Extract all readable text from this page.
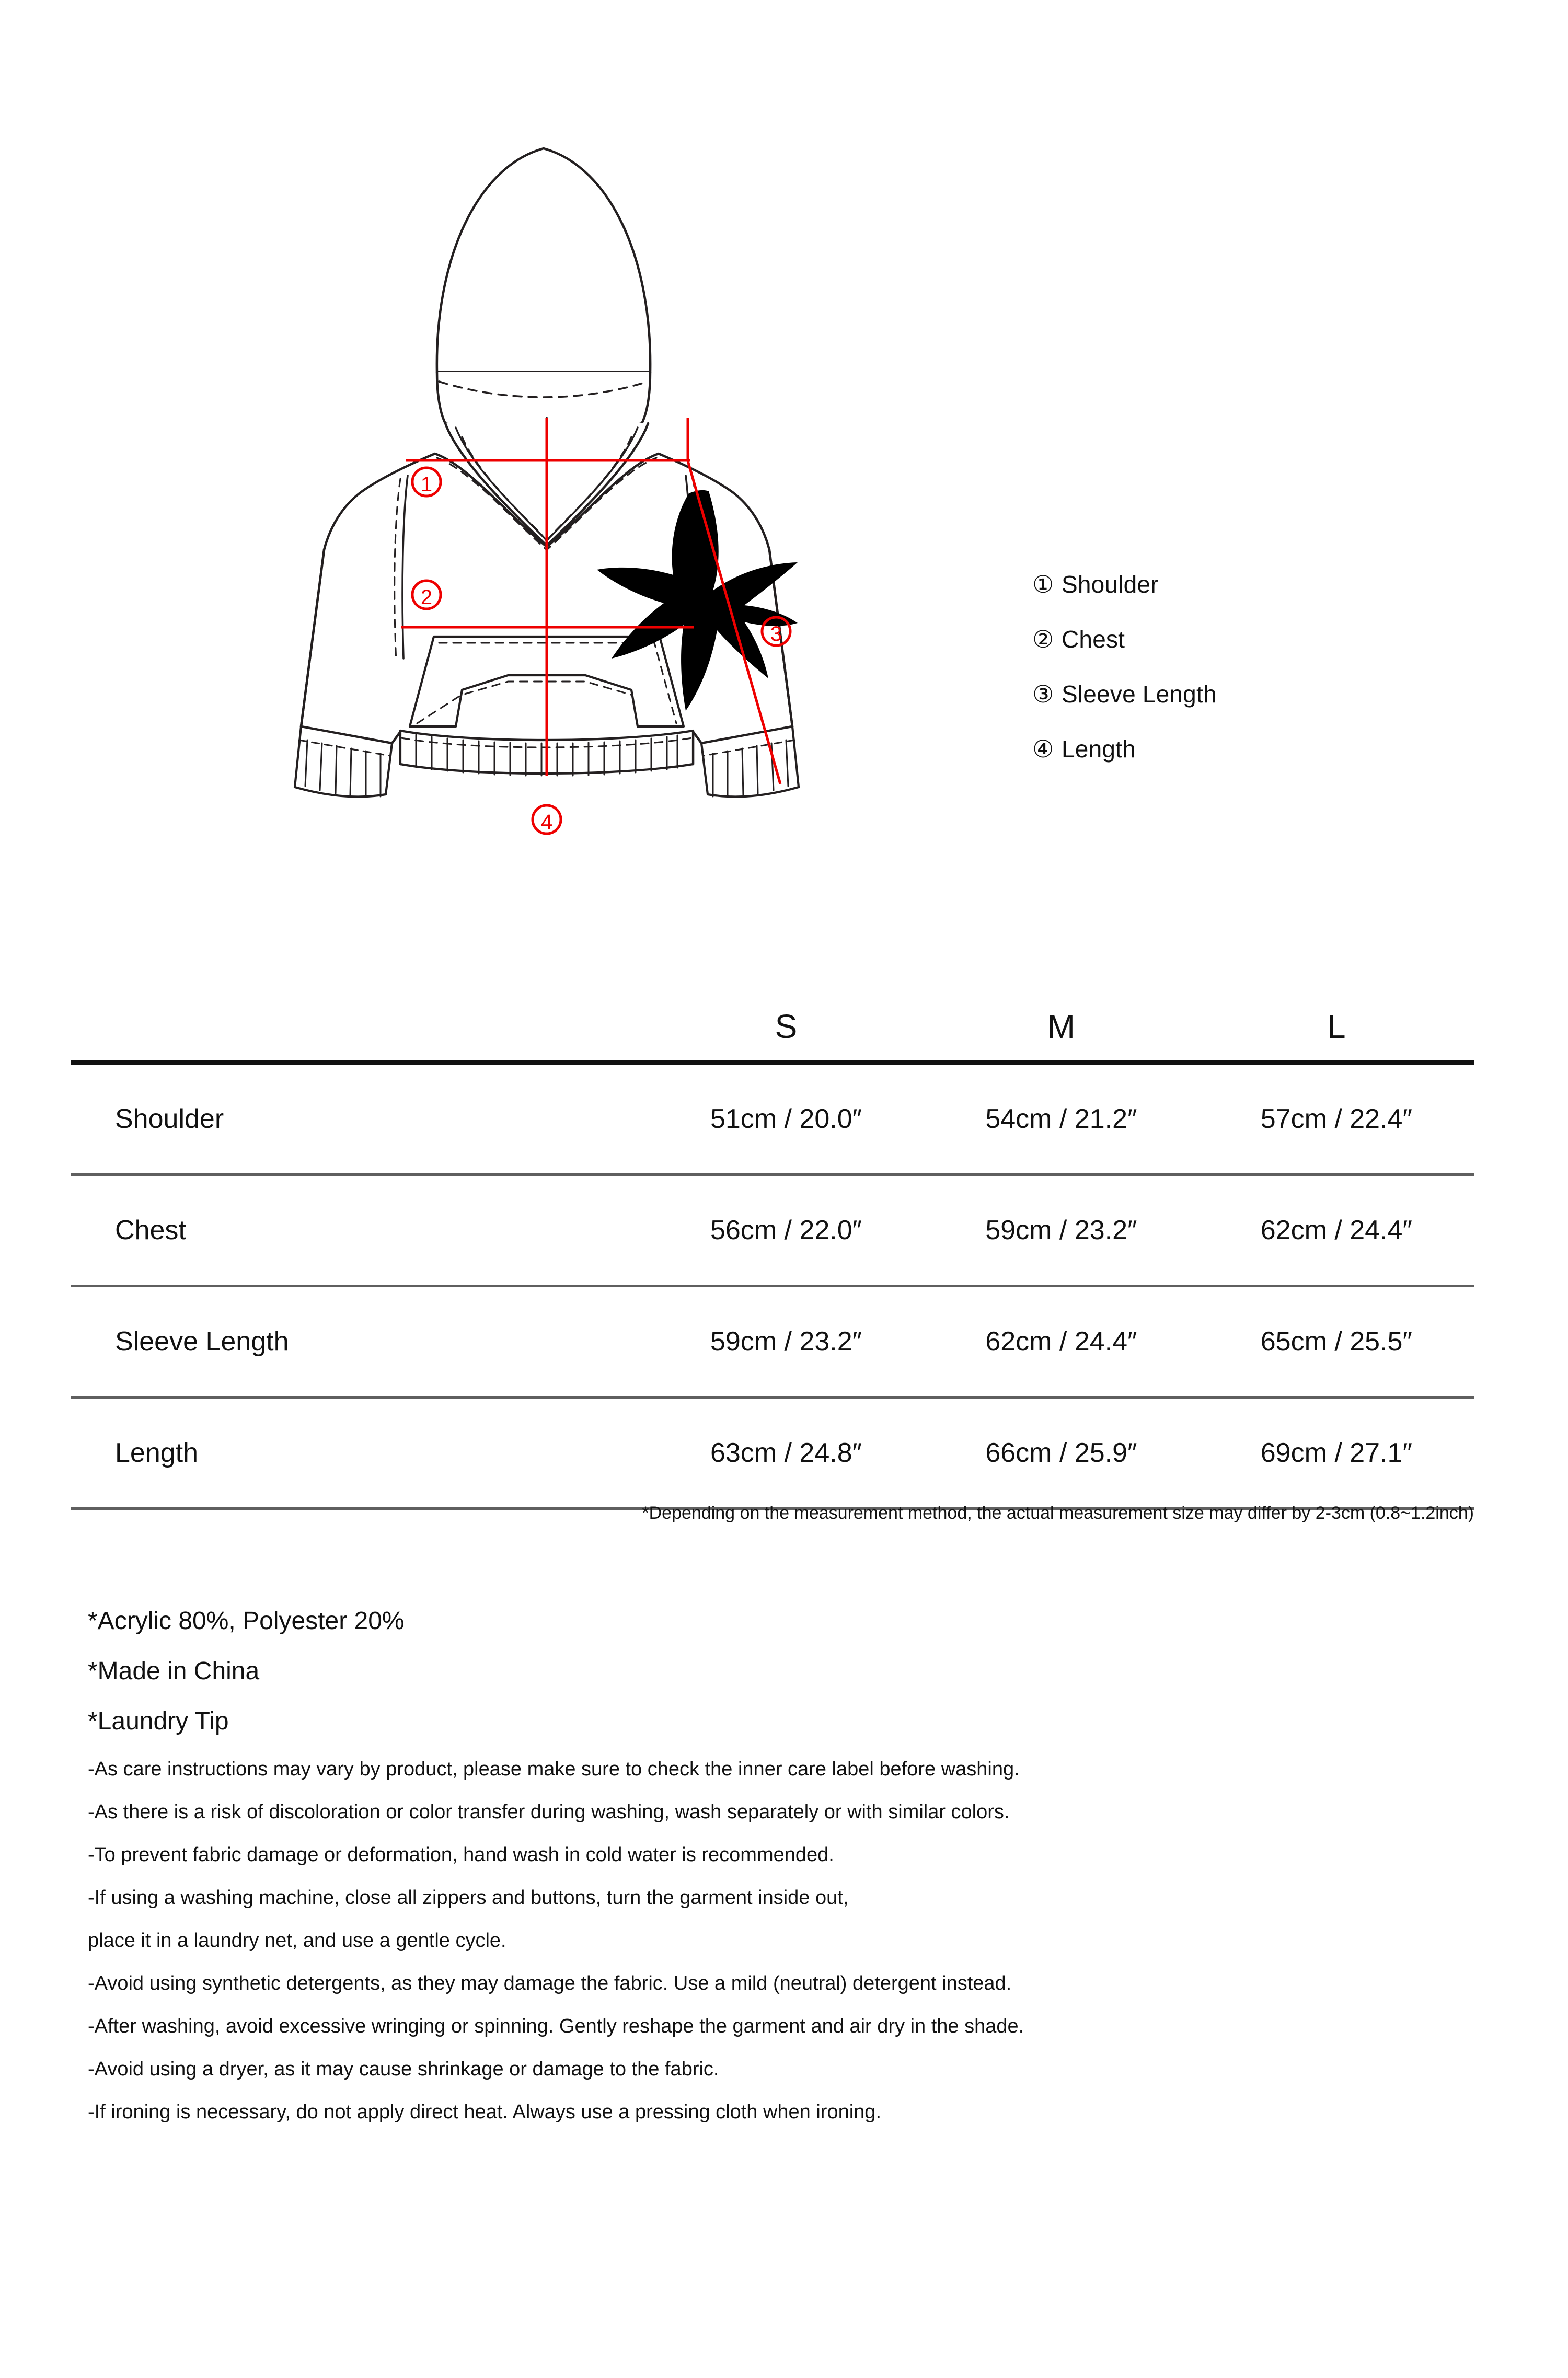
1
2
3
4
① Shoulder
② Chest
③ Sleeve Length
④ Length
	S	M	L
Shoulder	51cm / 20.0″	54cm / 21.2″	57cm / 22.4″
Chest	56cm / 22.0″	59cm / 23.2″	62cm / 24.4″
Sleeve Length	59cm / 23.2″	62cm / 24.4″	65cm / 25.5″
Length	63cm / 24.8″	66cm / 25.9″	69cm / 27.1″
*Depending on the measurement method, the actual measurement size may differ by 2-3cm (0.8~1.2inch)
*Acrylic 80%, Polyester 20%
*Made in China
*Laundry Tip
-As care instructions may vary by product, please make sure to check the inner care label before washing.
-As there is a risk of discoloration or color transfer during washing, wash separately or with similar colors.
-To prevent fabric damage or deformation, hand wash in cold water is recommended.
-If using a washing machine, close all zippers and buttons, turn the garment inside out,
place it in a laundry net, and use a gentle cycle.
-Avoid using synthetic detergents, as they may damage the fabric. Use a mild (neutral) detergent instead.
-After washing, avoid excessive wringing or spinning. Gently reshape the garment and air dry in the shade.
-Avoid using a dryer, as it may cause shrinkage or damage to the fabric.
-If ironing is necessary, do not apply direct heat. Always use a pressing cloth when ironing.
